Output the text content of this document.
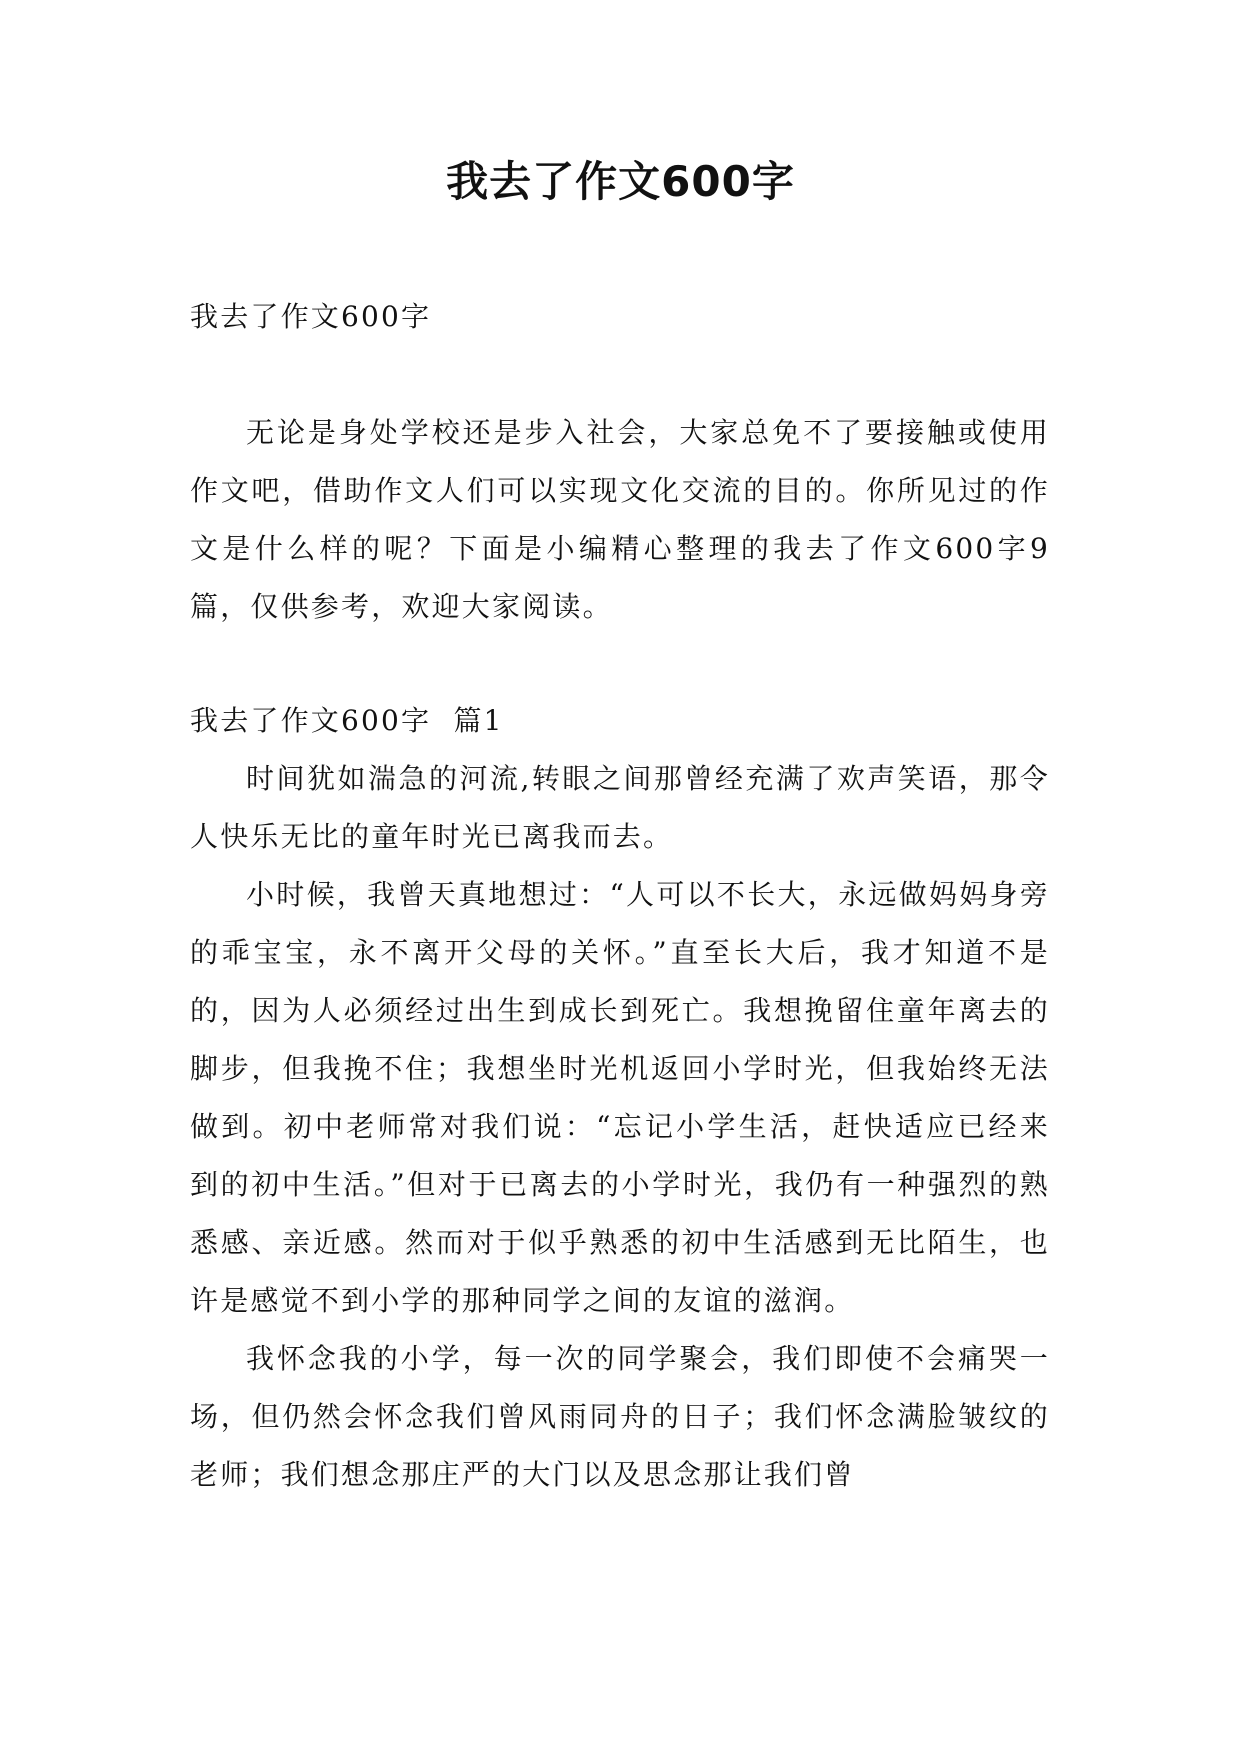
我去了作文600字

我去了作文600字

无论是身处学校还是步入社会，大家总免不了要接触或使用作文吧，借助作文人们可以实现文化交流的目的。你所见过的作文是什么样的呢？下面是小编精心整理的我去了作文600字9篇，仅供参考，欢迎大家阅读。

我去了作文600字  篇1

时间犹如湍急的河流,转眼之间那曾经充满了欢声笑语，那令人快乐无比的童年时光已离我而去。

小时候，我曾天真地想过：“人可以不长大，永远做妈妈身旁的乖宝宝，永不离开父母的关怀。”直至长大后，我才知道不是的，因为人必须经过出生到成长到死亡。我想挽留住童年离去的脚步，但我挽不住；我想坐时光机返回小学时光，但我始终无法做到。初中老师常对我们说：“忘记小学生活，赶快适应已经来到的初中生活。”但对于已离去的小学时光，我仍有一种强烈的熟悉感、亲近感。然而对于似乎熟悉的初中生活感到无比陌生，也许是感觉不到小学的那种同学之间的友谊的滋润。

我怀念我的小学，每一次的同学聚会，我们即使不会痛哭一场，但仍然会怀念我们曾风雨同舟的日子；我们怀念满脸皱纹的老师；我们想念那庄严的大门以及思念那让我们曾
